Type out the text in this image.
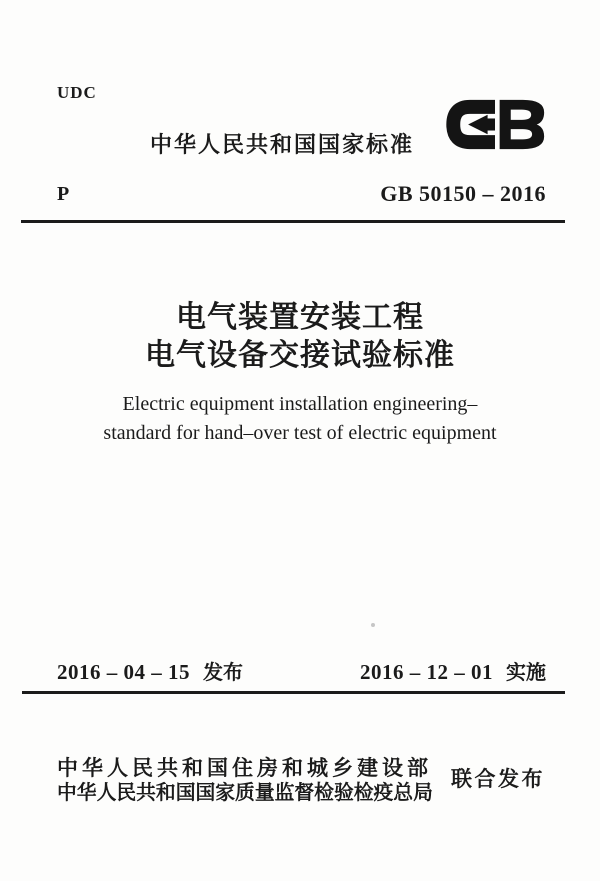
UDC
中华人民共和国国家标准
P	GB 50150 – 2016
电气装置安装工程
电气设备交接试验标准
Electric equipment installation engineering–
standard for hand–over test of electric equipment
2016 – 04 – 15 发布	2016 – 12 – 01 实施
中华人民共和国住房和城乡建设部
中华人民共和国国家质量监督检验检疫总局
联合发布
